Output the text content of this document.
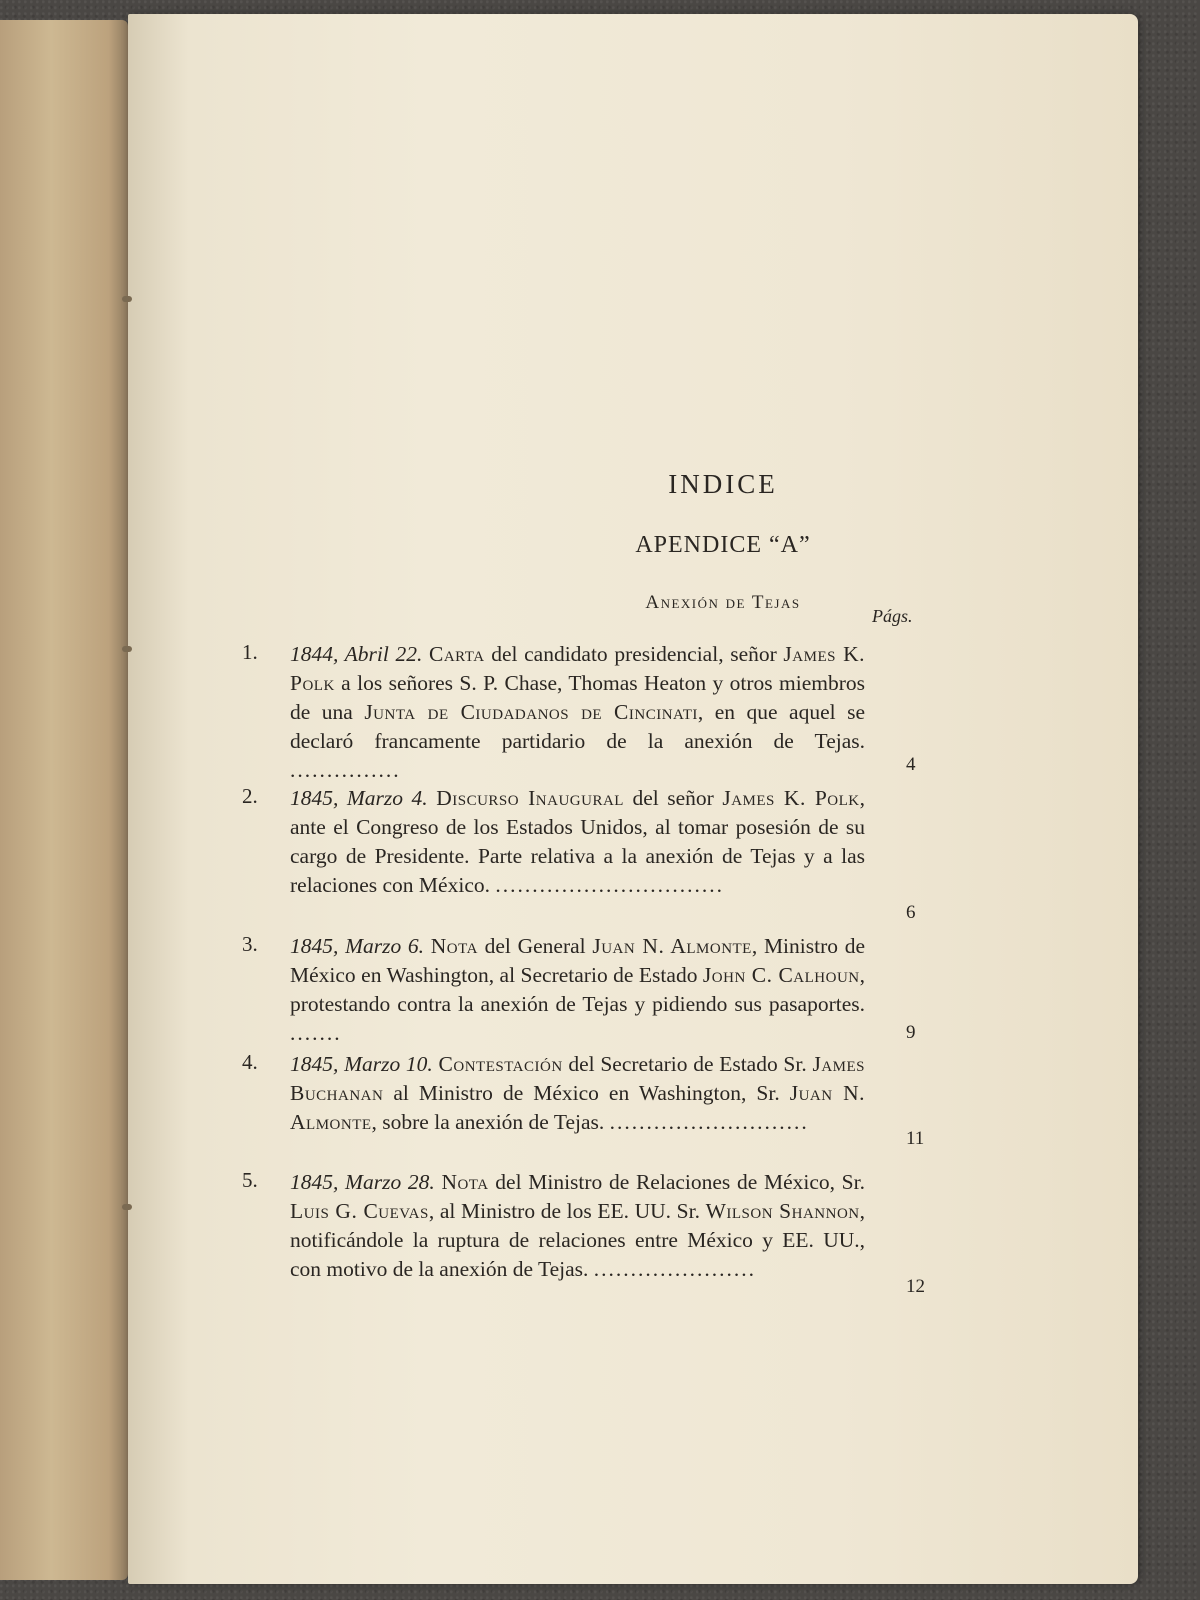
INDICE
APENDICE “A”
Anexión de Tejas
Págs.
1. 1844, Abril 22. Carta del candidato presidencial, señor James K. Polk a los señores S. P. Chase, Thomas Heaton y otros miembros de una Junta de Ciudadanos de Cincinati, en que aquel se declaró francamente partidario de la anexión de Tejas. ...............	4
2. 1845, Marzo 4. Discurso Inaugural del señor James K. Polk, ante el Congreso de los Estados Unidos, al tomar posesión de su cargo de Presidente. Parte relativa a la anexión de Tejas y a las relaciones con México. ...............................
6
3. 1845, Marzo 6. Nota del General Juan N. Almonte, Ministro de México en Washington, al Secretario de Estado John C. Calhoun, protestando contra la anexión de Tejas y pidiendo sus pasaportes. .......	9
4. 1845, Marzo 10. Contestación del Secretario de Estado Sr. James Buchanan al Ministro de México en Washington, Sr. Juan N. Almonte, sobre la anexión de Tejas. ...........................
11
5. 1845, Marzo 28. Nota del Ministro de Relaciones de México, Sr. Luis G. Cuevas, al Ministro de los EE. UU. Sr. Wilson Shannon, notificándole la ruptura de relaciones entre México y EE. UU., con motivo de la anexión de Tejas. ......................
12
